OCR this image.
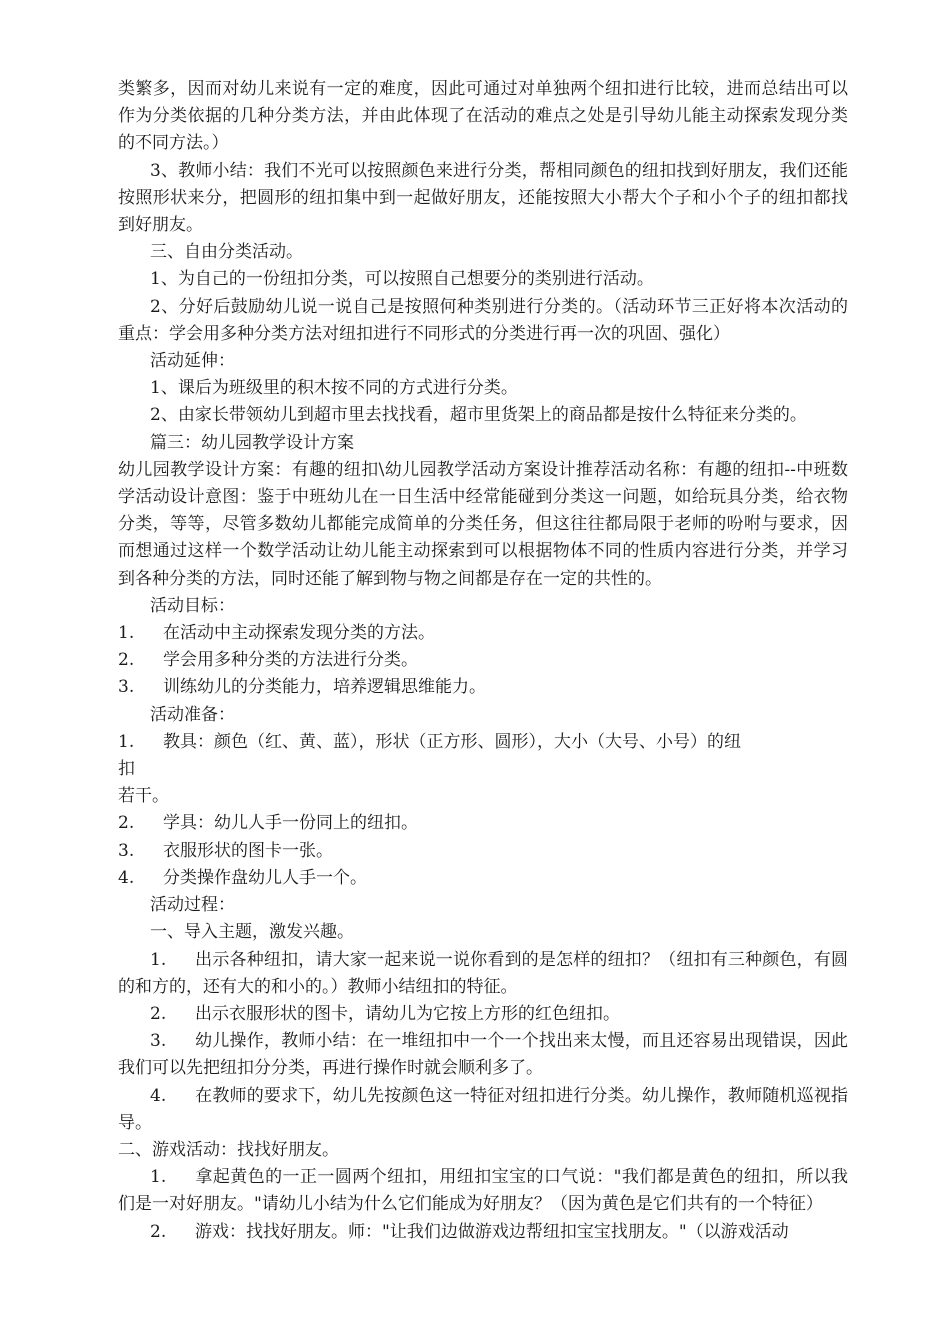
类繁多，因而对幼儿来说有一定的难度，因此可通过对单独两个纽扣进行比较，进而总结出可以作为分类依据的几种分类方法，并由此体现了在活动的难点之处是引导幼儿能主动探索发现分类的不同方法。）

3、教师小结：我们不光可以按照颜色来进行分类，帮相同颜色的纽扣找到好朋友，我们还能按照形状来分，把圆形的纽扣集中到一起做好朋友，还能按照大小帮大个子和小个子的纽扣都找到好朋友。

三、自由分类活动。

1、为自己的一份纽扣分类，可以按照自己想要分的类别进行活动。

2、分好后鼓励幼儿说一说自己是按照何种类别进行分类的。（活动环节三正好将本次活动的重点：学会用多种分类方法对纽扣进行不同形式的分类进行再一次的巩固、强化）

活动延伸：

1、课后为班级里的积木按不同的方式进行分类。

2、由家长带领幼儿到超市里去找找看，超市里货架上的商品都是按什么特征来分类的。

篇三：幼儿园教学设计方案

幼儿园教学设计方案：有趣的纽扣\幼儿园教学活动方案设计推荐活动名称：有趣的纽扣--中班数学活动设计意图：鉴于中班幼儿在一日生活中经常能碰到分类这一问题，如给玩具分类，给衣物分类，等等，尽管多数幼儿都能完成简单的分类任务，但这往往都局限于老师的吩咐与要求，因而想通过这样一个数学活动让幼儿能主动探索到可以根据物体不同的性质内容进行分类，并学习到各种分类的方法，同时还能了解到物与物之间都是存在一定的共性的。

活动目标：

1. 在活动中主动探索发现分类的方法。

2. 学会用多种分类的方法进行分类。

3. 训练幼儿的分类能力，培养逻辑思维能力。

活动准备：

1. 教具：颜色（红、黄、蓝），形状（正方形、圆形），大小（大号、小号）的纽

扣

若干。

2. 学具：幼儿人手一份同上的纽扣。

3. 衣服形状的图卡一张。

4. 分类操作盘幼儿人手一个。

活动过程：

一、导入主题，激发兴趣。

1. 出示各种纽扣，请大家一起来说一说你看到的是怎样的纽扣？（纽扣有三种颜色，有圆的和方的，还有大的和小的。）教师小结纽扣的特征。

2. 出示衣服形状的图卡，请幼儿为它按上方形的红色纽扣。

3. 幼儿操作，教师小结：在一堆纽扣中一个一个找出来太慢，而且还容易出现错误，因此我们可以先把纽扣分分类，再进行操作时就会顺利多了。

4. 在教师的要求下，幼儿先按颜色这一特征对纽扣进行分类。幼儿操作，教师随机巡视指导。

二、游戏活动：找找好朋友。

1. 拿起黄色的一正一圆两个纽扣，用纽扣宝宝的口气说："我们都是黄色的纽扣，所以我们是一对好朋友。"请幼儿小结为什么它们能成为好朋友？（因为黄色是它们共有的一个特征）

2. 游戏：找找好朋友。师："让我们边做游戏边帮纽扣宝宝找朋友。"（以游戏活动
